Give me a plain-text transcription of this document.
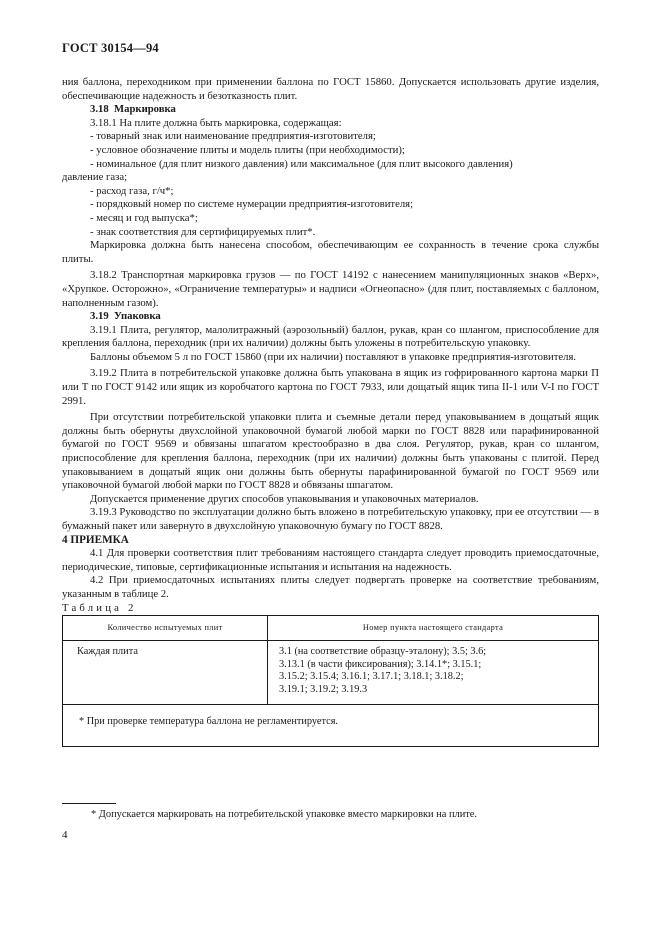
ГОСТ 30154—94

ния баллона, переходником при применении баллона по ГОСТ 15860. Допускается использовать другие изделия, обеспечивающие надежность и безотказность плит.

3.18 Маркировка

3.18.1 На плите должна быть маркировка, содержащая:

- товарный знак или наименование предприятия-изготовителя;

- условное обозначение плиты и модель плиты (при необходимости);

- номинальное (для плит низкого давления) или максимальное (для плит высокого давления)

давление газа;

- расход газа, г/ч*;

- порядковый номер по системе нумерации предприятия-изготовителя;

- месяц и год выпуска*;

- знак соответствия для сертифицируемых плит*.

Маркировка должна быть нанесена способом, обеспечивающим ее сохранность в течение срока службы плиты.

3.18.2 Транспортная маркировка грузов — по ГОСТ 14192 с нанесением манипуляционных знаков «Верх», «Хрупкое. Осторожно», «Ограничение температуры» и надписи «Огнеопасно» (для плит, поставляемых с баллоном, наполненным газом).

3.19 Упаковка

3.19.1 Плита, регулятор, малолитражный (аэрозольный) баллон, рукав, кран со шлангом, приспособление для крепления баллона, переходник (при их наличии) должны быть уложены в потребительскую упаковку.

Баллоны объемом 5 л по ГОСТ 15860 (при их наличии) поставляют в упаковке предприятия-изготовителя.

3.19.2 Плита в потребительской упаковке должна быть упакована в ящик из гофрированного картона марки П или Т по ГОСТ 9142 или ящик из коробчатого картона по ГОСТ 7933, или дощатый ящик типа II-1 или V-I по ГОСТ 2991.

При отсутствии потребительской упаковки плита и съемные детали перед упаковыванием в дощатый ящик должны быть обернуты двухслойной упаковочной бумагой любой марки по ГОСТ 8828 или парафинированной бумагой по ГОСТ 9569 и обвязаны шпагатом крестообразно в два слоя. Регулятор, рукав, кран со шлангом, приспособление для крепления баллона, переходник (при их наличии) должны быть упакованы с плитой. Перед упаковыванием в дощатый ящик они должны быть обернуты парафинированной бумагой по ГОСТ 9569 или упаковочной бумагой любой марки по ГОСТ 8828 и обвязаны шпагатом.

Допускается применение других способов упаковывания и упаковочных материалов.

3.19.3 Руководство по эксплуатации должно быть вложено в потребительскую упаковку, при ее отсутствии — в бумажный пакет или завернуто в двухслойную упаковочную бумагу по ГОСТ 8828.

4 ПРИЕМКА

4.1 Для проверки соответствия плит требованиям настоящего стандарта следует проводить приемосдаточные, периодические, типовые, сертификационные испытания и испытания на надежность.

4.2 При приемосдаточных испытаниях плиты следует подвергать проверке на соответствие требованиям, указанным в таблице 2.

Таблица 2

Количество испытуемых плит	Номер пункта настоящего стандарта
Каждая плита	3.1 (на соответствие образцу-эталону); 3.5; 3.6;
3.13.1 (в части фиксирования); 3.14.1*; 3.15.1;
3.15.2; 3.15.4; 3.16.1; 3.17.1; 3.18.1; 3.18.2;
3.19.1; 3.19.2; 3.19.3

* При проверке температура баллона не регламентируется.	
* Допускается маркировать на потребительской упаковке вместо маркировки на плите.
4
